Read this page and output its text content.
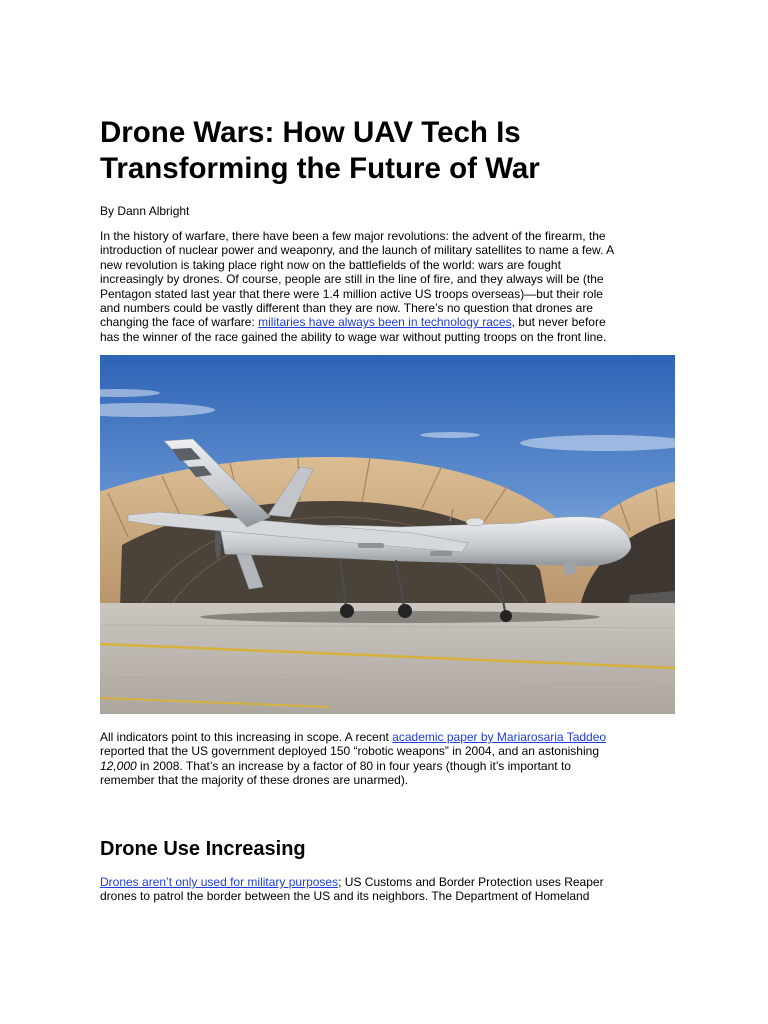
Drone Wars: How UAV Tech Is Transforming the Future of War

By Dann Albright

In the history of warfare, there have been a few major revolutions: the advent of the firearm, the
introduction of nuclear power and weaponry, and the launch of military satellites to name a few. A
new revolution is taking place right now on the battlefields of the world: wars are fought
increasingly by drones. Of course, people are still in the line of fire, and they always will be (the
Pentagon stated last year that there were 1.4 million active US troops overseas)—but their role
and numbers could be vastly different than they are now. There’s no question that drones are
changing the face of warfare: militaries have always been in technology races, but never before
has the winner of the race gained the ability to wage war without putting troops on the front line.
All indicators point to this increasing in scope. A recent academic paper by Mariarosaria Taddeo
reported that the US government deployed 150 “robotic weapons” in 2004, and an astonishing
12,000 in 2008. That’s an increase by a factor of 80 in four years (though it’s important to
remember that the majority of these drones are unarmed).
Drone Use Increasing
Drones aren’t only used for military purposes; US Customs and Border Protection uses Reaper
drones to patrol the border between the US and its neighbors. The Department of Homeland
